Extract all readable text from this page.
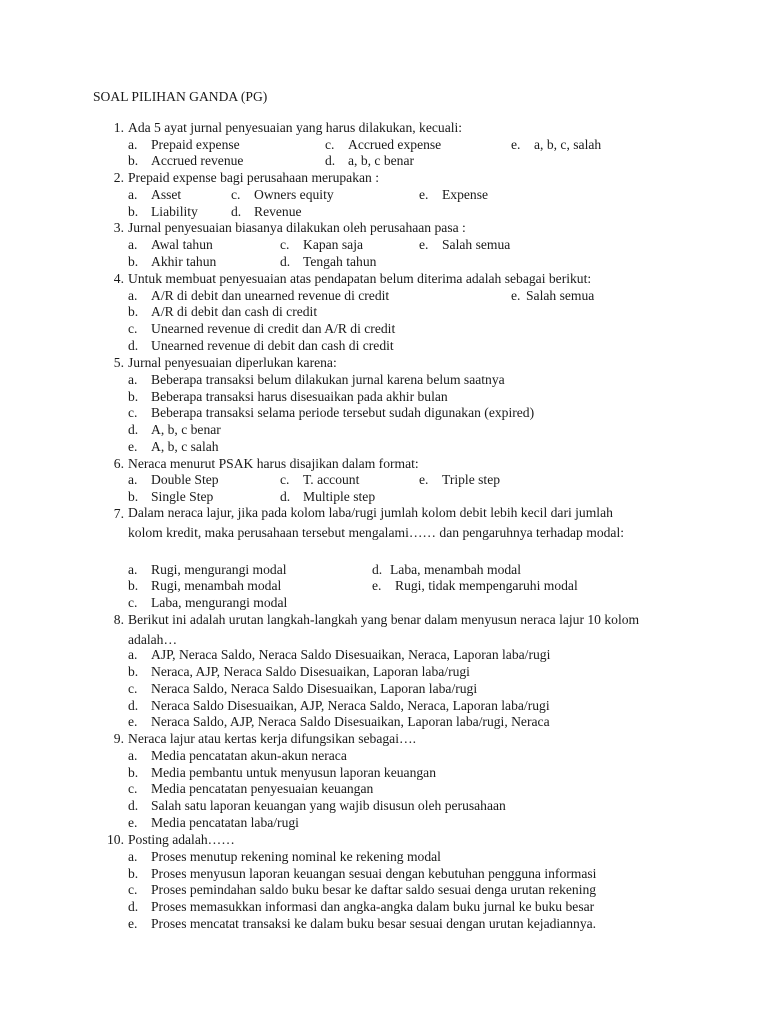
SOAL PILIHAN GANDA (PG)
1. Ada 5 ayat jurnal penyesuaian yang harus dilakukan, kecuali:
a. Prepaid expense	c. Accrued expense	e. a, b, c, salah
b. Accrued revenue	d. a, b, c benar
2. Prepaid expense bagi perusahaan merupakan :
a. Asset	c. Owners equity	e. Expense
b. Liability d. Revenue
3. Jurnal penyesuaian biasanya dilakukan oleh perusahaan pasa :
a. Awal tahun	c. Kapan saja	e. Salah semua
b. Akhir tahun	d. Tengah tahun
4. Untuk membuat penyesuaian atas pendapatan belum diterima adalah sebagai berikut:
a. A/R di debit dan unearned revenue di credit	e. Salah semua
b. A/R di debit dan cash di credit
c. Unearned revenue di credit dan A/R di credit
d. Unearned revenue di debit dan cash di credit
5. Jurnal penyesuaian diperlukan karena:
a. Beberapa transaksi belum dilakukan jurnal karena belum saatnya
b. Beberapa transaksi harus disesuaikan pada akhir bulan
c. Beberapa transaksi selama periode tersebut sudah digunakan (expired)
d. A, b, c benar
e. A, b, c salah
6. Neraca menurut PSAK harus disajikan dalam format:
a. Double Step	c. T. account	e. Triple step
b. Single Step	d. Multiple step
7. Dalam neraca lajur, jika pada kolom laba/rugi jumlah kolom debit lebih kecil dari jumlah kolom kredit, maka perusahaan tersebut mengalami…… dan pengaruhnya terhadap modal:
a. Rugi, mengurangi modal	d. Laba, menambah modal
b. Rugi, menambah modal	e. Rugi, tidak mempengaruhi modal
c. Laba, mengurangi modal
8. Berikut ini adalah urutan langkah-langkah yang benar dalam menyusun neraca lajur 10 kolom adalah…
a. AJP, Neraca Saldo, Neraca Saldo Disesuaikan, Neraca, Laporan laba/rugi
b. Neraca, AJP, Neraca Saldo Disesuaikan, Laporan laba/rugi
c. Neraca Saldo, Neraca Saldo Disesuaikan, Laporan laba/rugi
d. Neraca Saldo Disesuaikan, AJP, Neraca Saldo, Neraca, Laporan laba/rugi
e. Neraca Saldo, AJP, Neraca Saldo Disesuaikan, Laporan laba/rugi, Neraca
9. Neraca lajur atau kertas kerja difungsikan sebagai….
a. Media pencatatan akun-akun neraca
b. Media pembantu untuk menyusun laporan keuangan
c. Media pencatatan penyesuaian keuangan
d. Salah satu laporan keuangan yang wajib disusun oleh perusahaan
e. Media pencatatan laba/rugi
10. Posting adalah……
a. Proses menutup rekening nominal ke rekening modal
b. Proses menyusun laporan keuangan sesuai dengan kebutuhan pengguna informasi
c. Proses pemindahan saldo buku besar ke daftar saldo sesuai denga urutan rekening
d. Proses memasukkan informasi dan angka-angka dalam buku jurnal ke buku besar
e. Proses mencatat transaksi ke dalam buku besar sesuai dengan urutan kejadiannya.
